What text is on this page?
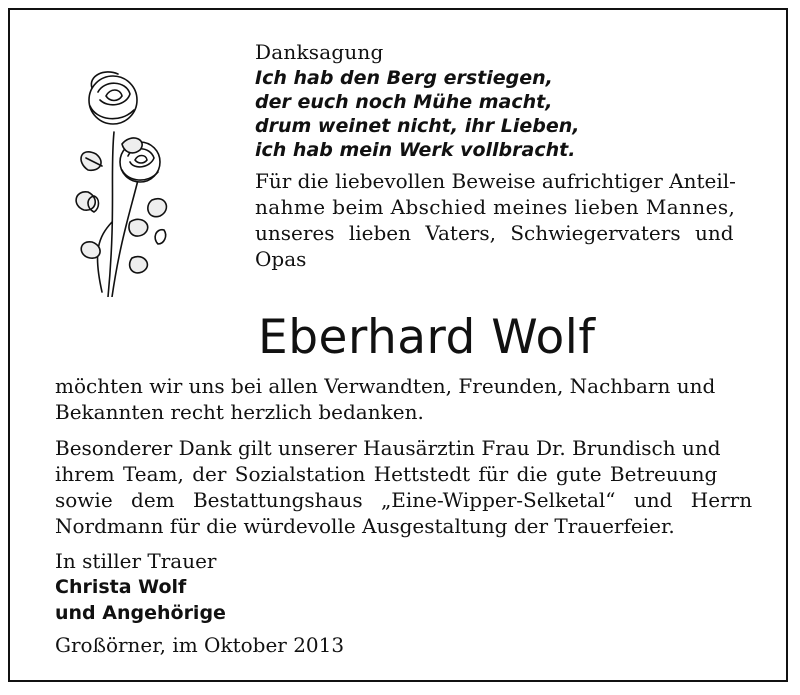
Danksagung
Ich hab den Berg erstiegen,
der euch noch Mühe macht,
drum weinet nicht, ihr Lieben,
ich hab mein Werk vollbracht.
Für die liebevollen Beweise aufrichtiger Anteil-
nahme beim Abschied meines lieben Mannes,
unseres lieben Vaters, Schwiegervaters und
Opas
Eberhard Wolf
möchten wir uns bei allen Verwandten, Freunden, Nachbarn und
Bekannten recht herzlich bedanken.
Besonderer Dank gilt unserer Hausärztin Frau Dr. Brundisch und
ihrem Team, der Sozialstation Hettstedt für die gute Betreuung
sowie dem Bestattungshaus „Eine-Wipper-Selketal“ und Herrn
Nordmann für die würdevolle Ausgestaltung der Trauerfeier.
In stiller Trauer
Christa Wolf
und Angehörige
Großörner, im Oktober 2013
